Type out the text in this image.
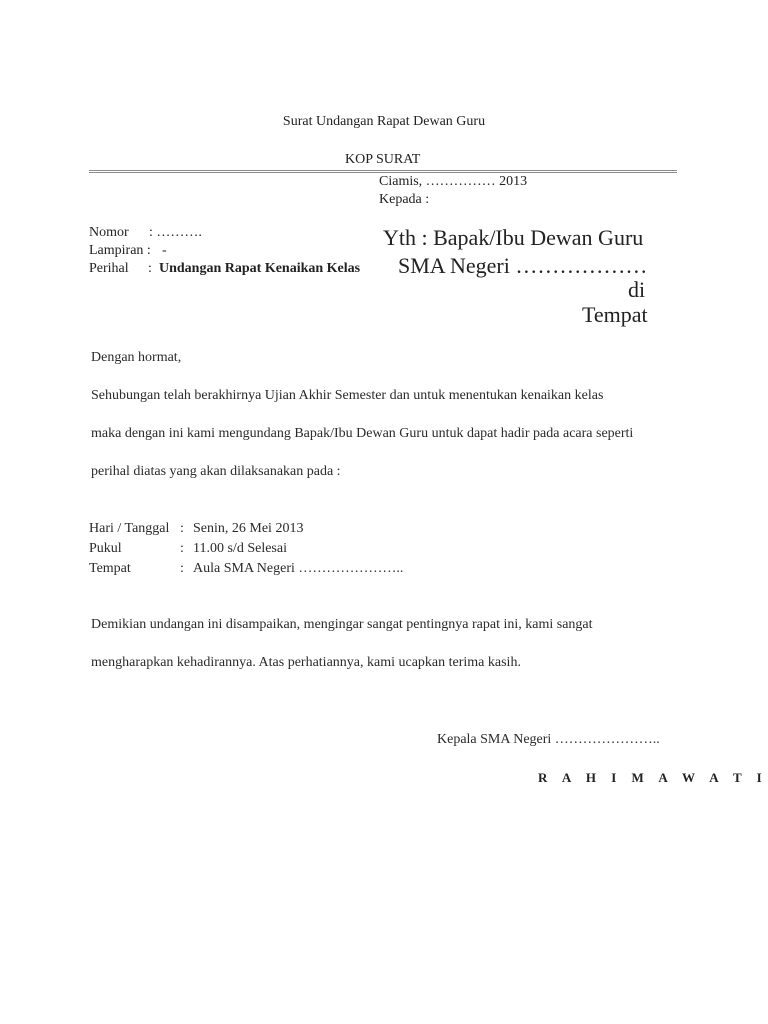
Surat Undangan Rapat Dewan Guru
KOP SURAT
Ciamis, …………… 2013
Kepada :
Nomor : ……….
Lampiran : -
Perihal : Undangan Rapat Kenaikan Kelas
Yth : Bapak/Ibu Dewan Guru
SMA Negeri ………………
di
Tempat
Dengan hormat,
Sehubungan telah berakhirnya Ujian Akhir Semester dan untuk menentukan kenaikan kelas
maka dengan ini kami mengundang Bapak/Ibu Dewan Guru untuk dapat hadir pada acara seperti
perihal diatas yang akan dilaksanakan pada :
Hari / Tanggal : Senin, 26 Mei 2013
Pukul	: 11.00 s/d Selesai
Tempat	: Aula SMA Negeri …………………..
Demikian undangan ini disampaikan, mengingar sangat pentingnya rapat ini, kami sangat
mengharapkan kehadirannya. Atas perhatiannya, kami ucapkan terima kasih.
Kepala SMA Negeri …………………..
R A H I M A W A T I
